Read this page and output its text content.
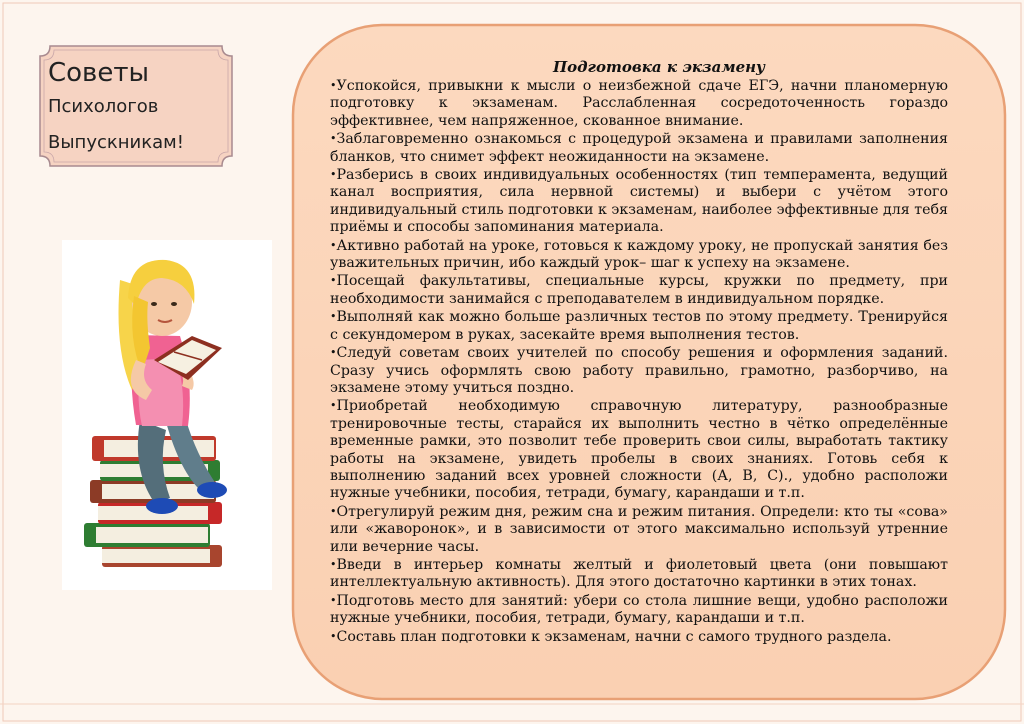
Советы
Психологов
Выпускникам!
Подготовка к экзамену

•Успокойся, привыкни к мысли о неизбежной сдаче ЕГЭ, начни планомерную подготовку к экзаменам. Расслабленная сосредоточенность гораздо эффективнее, чем напряженное, скованное внимание.

•Заблаговременно ознакомься с процедурой экзамена и правилами заполнения бланков, что снимет эффект неожиданности на экзамене.

•Разберись в своих индивидуальных особенностях (тип темперамента, ведущий канал восприятия, сила нервной системы) и выбери с учётом этого индивидуальный стиль подготовки к экзаменам, наиболее эффективные для тебя приёмы и способы запоминания материала.

•Активно работай на уроке, готовься к каждому уроку, не пропускай занятия без уважительных причин, ибо каждый урок– шаг к успеху на экзамене.

•Посещай факультативы, специальные курсы, кружки по предмету, при необходимости занимайся с преподавателем в индивидуальном порядке.

•Выполняй как можно больше различных тестов по этому предмету. Тренируйся с секундомером в руках, засекайте время выполнения тестов.

•Следуй советам своих учителей по способу решения и оформления заданий. Сразу учись оформлять свою работу правильно, грамотно, разборчиво, на экзамене этому учиться поздно.

•Приобретай необходимую справочную литературу, разнообразные тренировочные тесты, старайся их выполнить честно в чётко определённые временные рамки, это позволит тебе проверить свои силы, выработать тактику работы на экзамене, увидеть пробелы в своих знаниях. Готовь себя к выполнению заданий всех уровней сложности (А, В, С)., удобно расположи нужные учебники, пособия, тетради, бумагу, карандаши и т.п.

•Отрегулируй режим дня, режим сна и режим питания. Определи: кто ты «сова» или «жаворонок», и в зависимости от этого максимально используй утренние или вечерние часы.

•Введи в интерьер комнаты желтый и фиолетовый цвета (они повышают интеллектуальную активность). Для этого достаточно картинки в этих тонах.

•Подготовь место для занятий: убери со стола лишние вещи, удобно расположи нужные учебники, пособия, тетради, бумагу, карандаши и т.п.

•Составь план подготовки к экзаменам, начни с самого трудного раздела.
